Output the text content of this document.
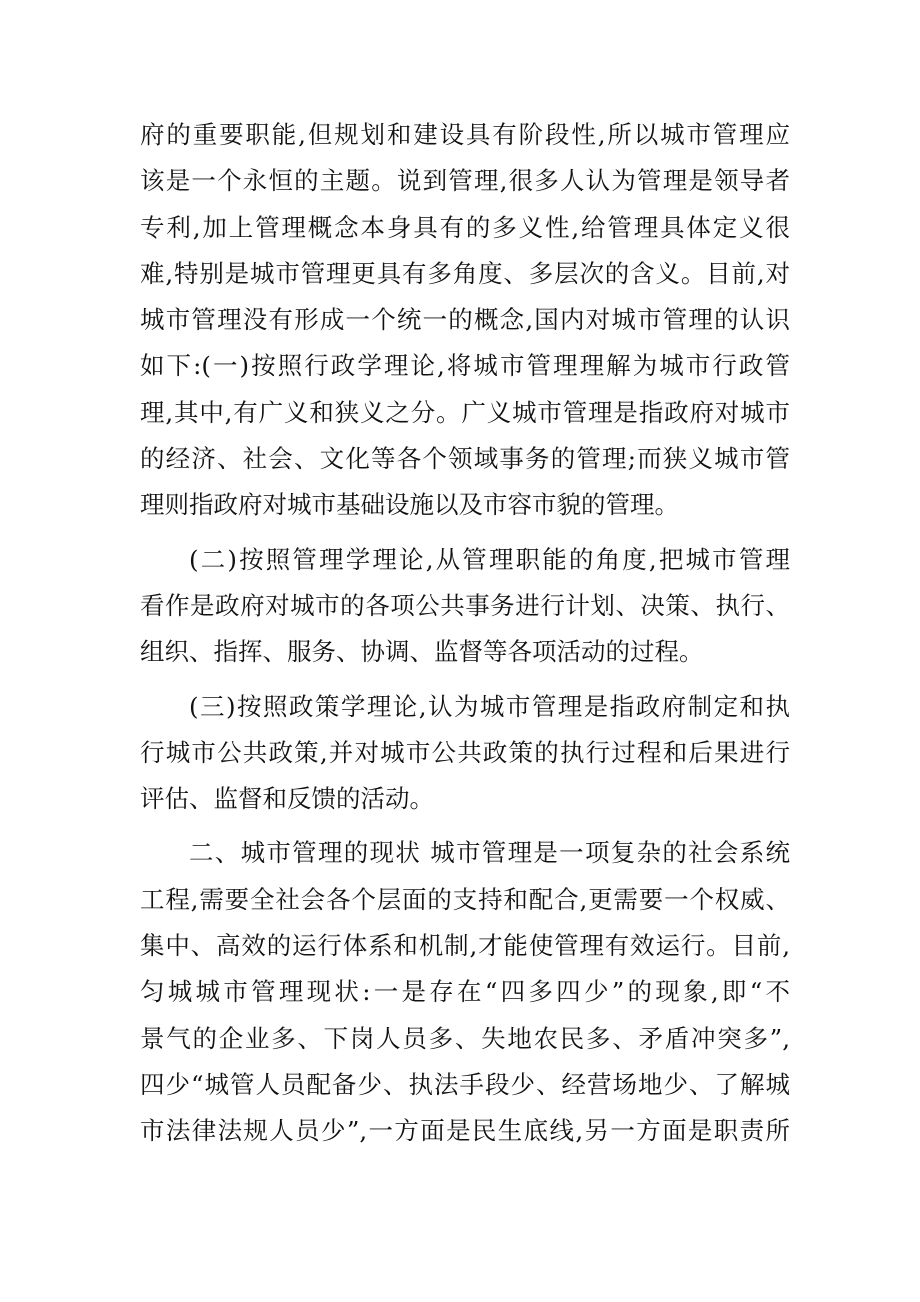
府的重要职能,但规划和建设具有阶段性,所以城市管理应
该是一个永恒的主题。说到管理,很多人认为管理是领导者
专利,加上管理概念本身具有的多义性,给管理具体定义很
难,特别是城市管理更具有多角度、多层次的含义。目前,对
城市管理没有形成一个统一的概念,国内对城市管理的认识
如下:(一)按照行政学理论,将城市管理理解为城市行政管
理,其中,有广义和狭义之分。广义城市管理是指政府对城市
的经济、社会、文化等各个领域事务的管理;而狭义城市管
理则指政府对城市基础设施以及市容市貌的管理。
(二)按照管理学理论,从管理职能的角度,把城市管理
看作是政府对城市的各项公共事务进行计划、决策、执行、
组织、指挥、服务、协调、监督等各项活动的过程。
(三)按照政策学理论,认为城市管理是指政府制定和执
行城市公共政策,并对城市公共政策的执行过程和后果进行
评估、监督和反馈的活动。
二、城市管理的现状 城市管理是一项复杂的社会系统
工程,需要全社会各个层面的支持和配合,更需要一个权威、
集中、高效的运行体系和机制,才能使管理有效运行。目前,
匀城城市管理现状:一是存在“四多四少”的现象,即“不
景气的企业多、下岗人员多、失地农民多、矛盾冲突多”,
四少“城管人员配备少、执法手段少、经营场地少、了解城
市法律法规人员少”,一方面是民生底线,另一方面是职责所
